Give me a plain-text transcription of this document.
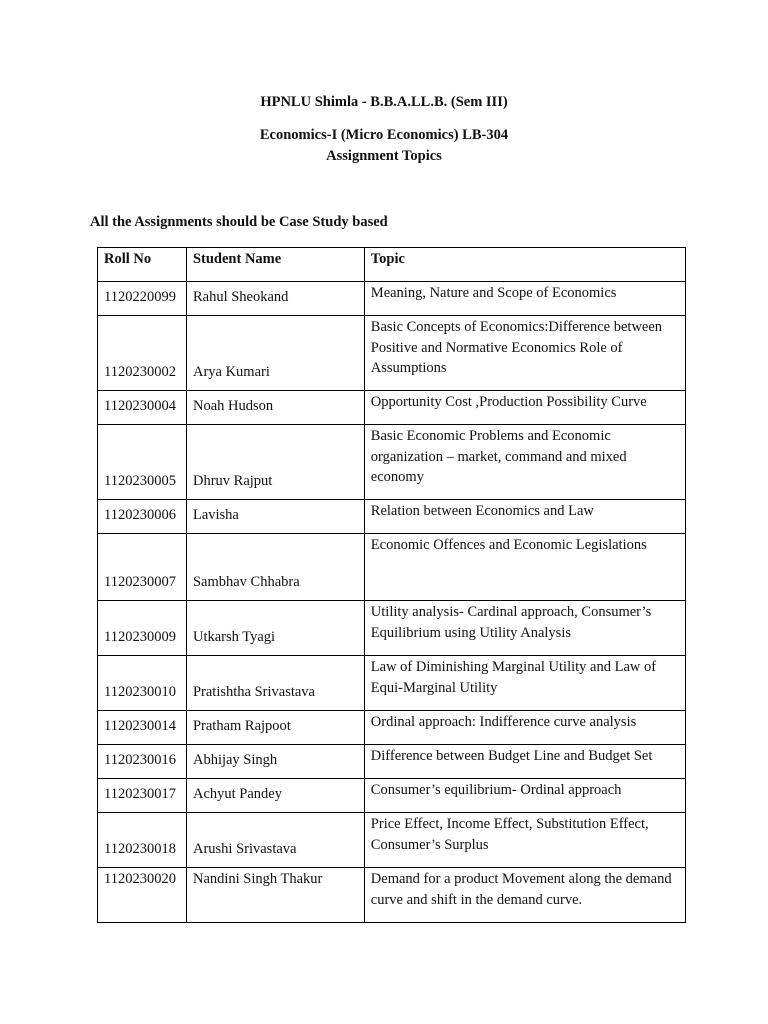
HPNLU Shimla - B.B.A.LL.B. (Sem III)

Economics-I (Micro Economics) LB-304

Assignment Topics

All the Assignments should be Case Study based

Roll No	Student Name	Topic
1120220099	Rahul Sheokand	Meaning, Nature and Scope of Economics
1120230002	Arya Kumari	Basic Concepts of Economics:Difference between Positive and Normative Economics Role of Assumptions
1120230004	Noah Hudson	Opportunity Cost ,Production Possibility Curve
1120230005	Dhruv Rajput	Basic Economic Problems and Economic organization – market, command and mixed economy
1120230006	Lavisha	Relation between Economics and Law
1120230007	Sambhav Chhabra	Economic Offences and Economic Legislations
1120230009	Utkarsh Tyagi	Utility analysis- Cardinal approach, Consumer’s Equilibrium using Utility Analysis
1120230010	Pratishtha Srivastava	Law of Diminishing Marginal Utility and Law of Equi-Marginal Utility
1120230014	Pratham Rajpoot	Ordinal approach: Indifference curve analysis
1120230016	Abhijay Singh	Difference between Budget Line and Budget Set
1120230017	Achyut Pandey	Consumer’s equilibrium- Ordinal approach
1120230018	Arushi Srivastava	Price Effect, Income Effect, Substitution Effect, Consumer’s Surplus
1120230020	Nandini Singh Thakur	Demand for a product Movement along the demand curve and shift in the demand curve.
